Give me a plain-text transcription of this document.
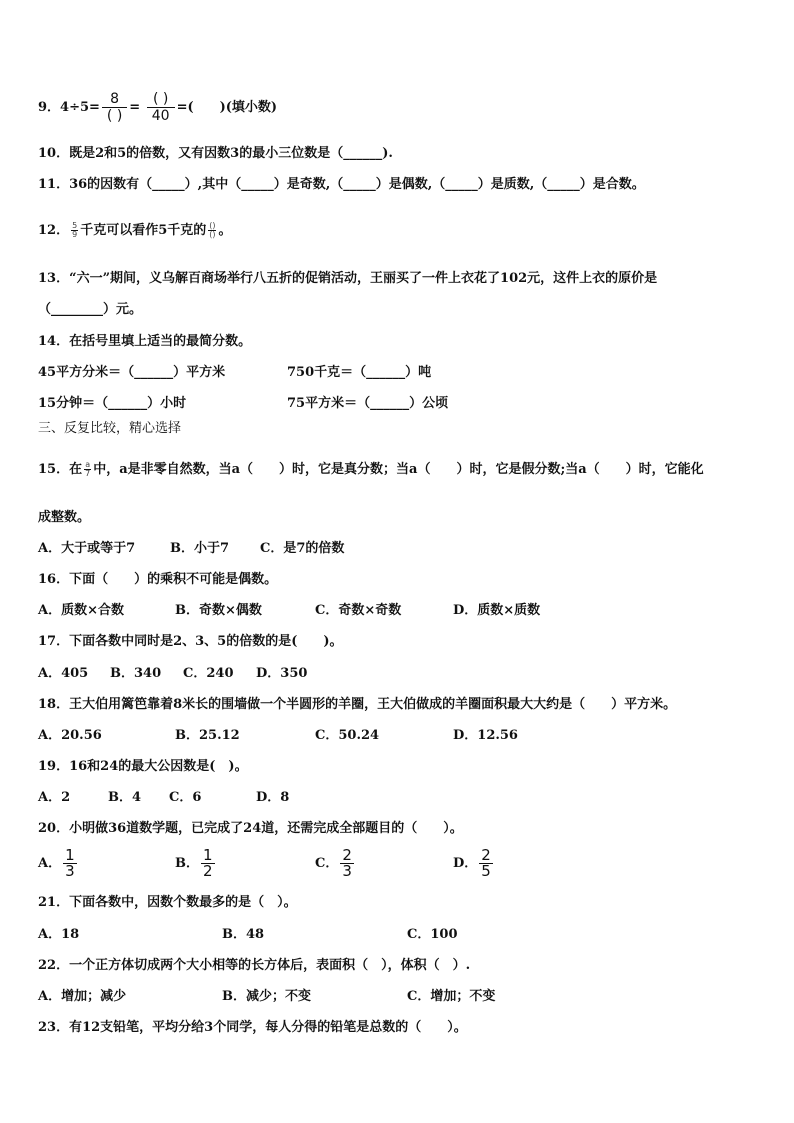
9．$4\div 5= \frac{8}{( )} = \frac{( )}{40}$ =(　　)(填小数)
10．既是2和5的倍数，又有因数3的最小三位数是（______).
11．36的因数有（_____）,其中（_____）是奇数,（_____）是偶数,（_____）是质数,（_____）是合数。
12． $\frac{5}{9}$ 千克可以看作5千克的 $\frac{()}{()}$ 。
13．“六一”期间，义乌解百商场举行八五折的促销活动，王丽买了一件上衣花了102元，这件上衣的原价是
（________）元。
14．在括号里填上适当的最简分数。
45平方分米＝（______）平方米	750千克＝（______）吨
15分钟＝（______）小时	75平方米＝（______）公顷
三、反复比较，精心选择
15．在 $\frac{a}{7}$ 中，a是非零自然数，当a（　　）时，它是真分数；当a（　　）时，它是假分数;当a（　　）时，它能化
成整数。
A．大于或等于7	B．小于7 C．是7的倍数
16．下面（　　）的乘积不可能是偶数。
A．质数×合数	B．奇数×偶数	C．奇数×奇数	D．质数×质数
17．下面各数中同时是2、3、5的倍数的是(　　)。
A．405 B．340 C．240 D．350
18．王大伯用篱笆靠着8米长的围墙做一个半圆形的羊圈，王大伯做成的羊圈面积最大大约是（　　）平方米。
A．20.56	B．25.12	C．50.24	D．12.56
19．16和24的最大公因数是(　)。
A．2	B．4 C．6	D．8
20．小明做36道数学题，已完成了24道，还需完成全部题目的（　　）。
A． $\frac{1}{3}$	B． $\frac{1}{2}$	C． $\frac{2}{3}$	D． $\frac{2}{5}$
21．下面各数中，因数个数最多的是（　）。
A．18	B．48	C．100
22．一个正方体切成两个大小相等的长方体后，表面积（　），体积（　）.
A．增加；减少	B．减少；不变	C．增加；不变
23．有12支铅笔，平均分给3个同学，每人分得的铅笔是总数的（　　）。
